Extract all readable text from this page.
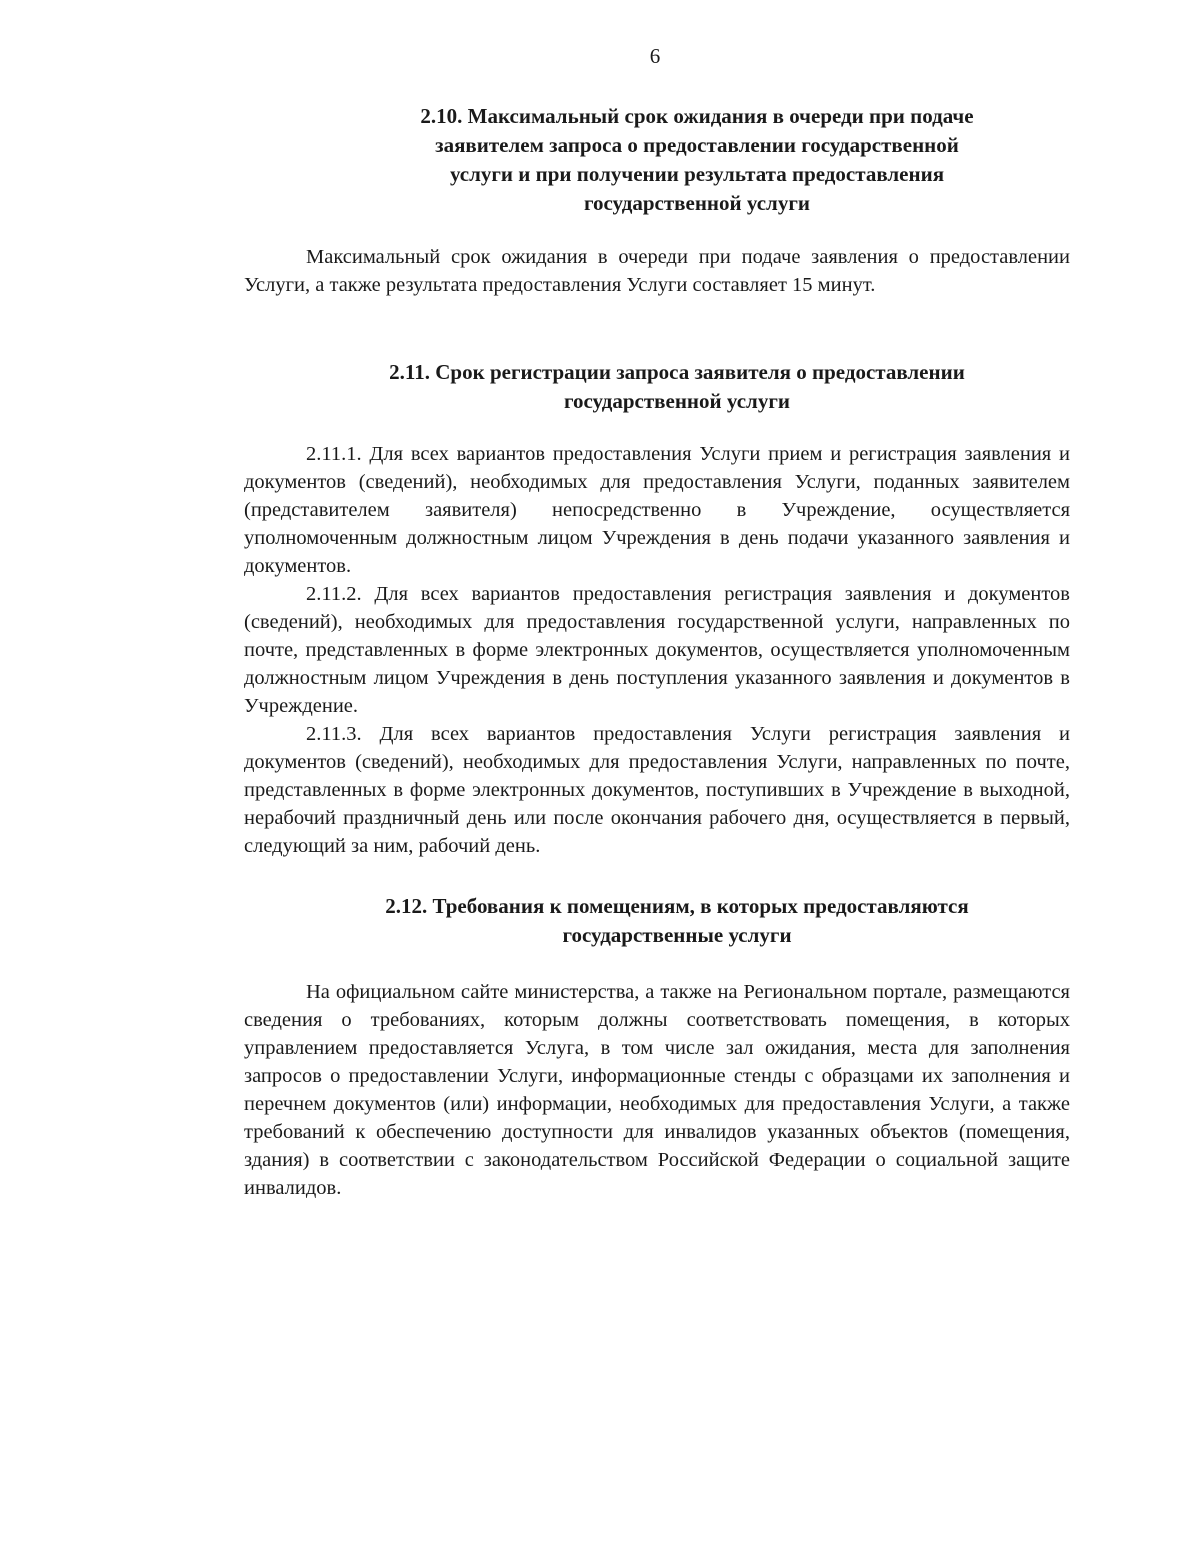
6
2.10. Максимальный срок ожидания в очереди при подаче
заявителем запроса о предоставлении государственной
услуги и при получении результата предоставления
государственной услуги

Максимальный срок ожидания в очереди при подаче заявления о предоставлении Услуги, а также результата предоставления Услуги составляет 15 минут.

2.11. Срок регистрации запроса заявителя о предоставлении
государственной услуги

2.11.1. Для всех вариантов предоставления Услуги прием и регистрация заявления и документов (сведений), необходимых для предоставления Услуги, поданных заявителем (представителем заявителя) непосредственно в Учреждение, осуществляется уполномоченным должностным лицом Учреждения в день подачи указанного заявления и документов.

2.11.2. Для всех вариантов предоставления регистрация заявления и документов (сведений), необходимых для предоставления государственной услуги, направленных по почте, представленных в форме электронных документов, осуществляется уполномоченным должностным лицом Учреждения в день поступления указанного заявления и документов в Учреждение.

2.11.3. Для всех вариантов предоставления Услуги регистрация заявления и документов (сведений), необходимых для предоставления Услуги, направленных по почте, представленных в форме электронных документов, поступивших в Учреждение в выходной, нерабочий праздничный день или после окончания рабочего дня, осуществляется в первый, следующий за ним, рабочий день.

2.12. Требования к помещениям, в которых предоставляются
государственные услуги

На официальном сайте министерства, а также на Региональном портале, размещаются сведения о требованиях, которым должны соответствовать помещения, в которых управлением предоставляется Услуга, в том числе зал ожидания, места для заполнения запросов о предоставлении Услуги, информационные стенды с образцами их заполнения и перечнем документов (или) информации, необходимых для предоставления Услуги, а также требований к обеспечению доступности для инвалидов указанных объектов (помещения, здания) в соответствии с законодательством Российской Федерации о социальной защите инвалидов.
